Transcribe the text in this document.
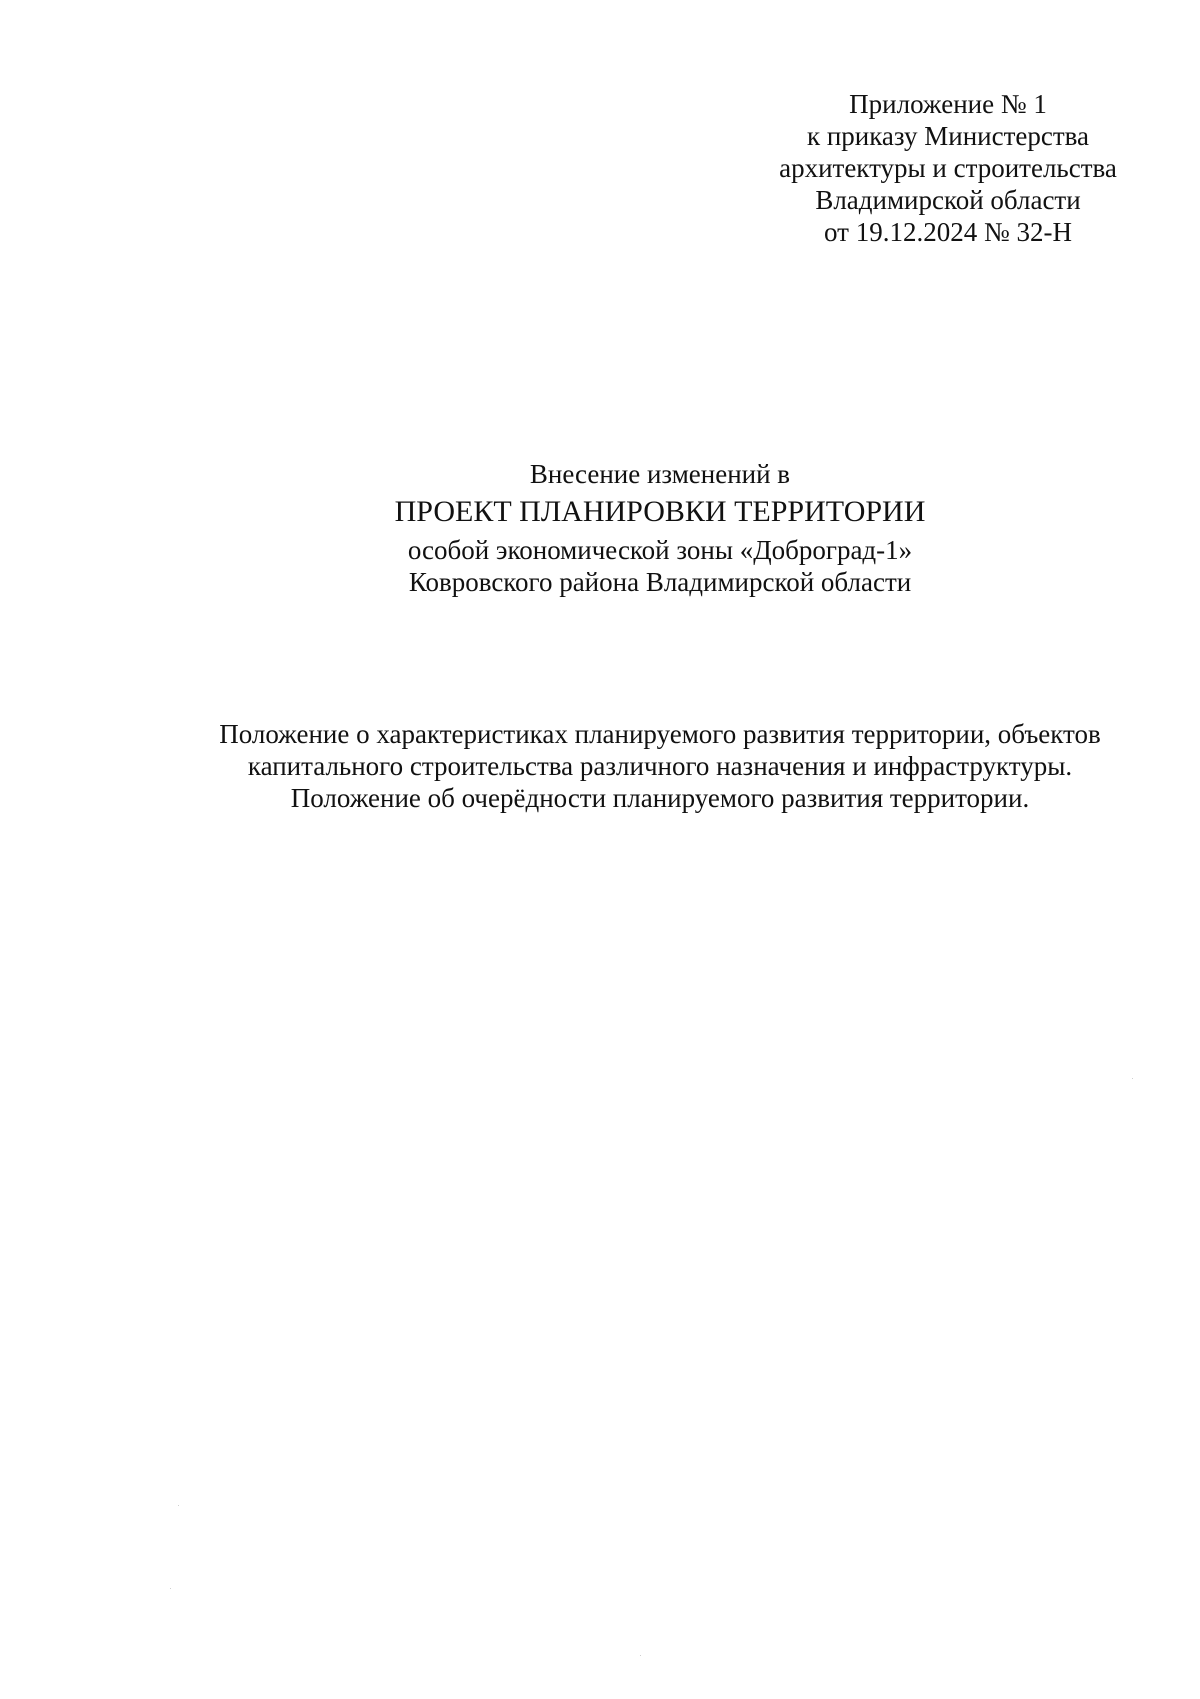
Приложение № 1
к приказу Министерства
архитектуры и строительства
Владимирской области
от 19.12.2024 № 32-Н
Внесение изменений в
ПРОЕКТ ПЛАНИРОВКИ ТЕРРИТОРИИ
особой экономической зоны «Доброград-1»
Ковровского района Владимирской области
Положение о характеристиках планируемого развития территории, объектов
капитального строительства различного назначения и инфраструктуры.
Положение об очерёдности планируемого развития территории.
